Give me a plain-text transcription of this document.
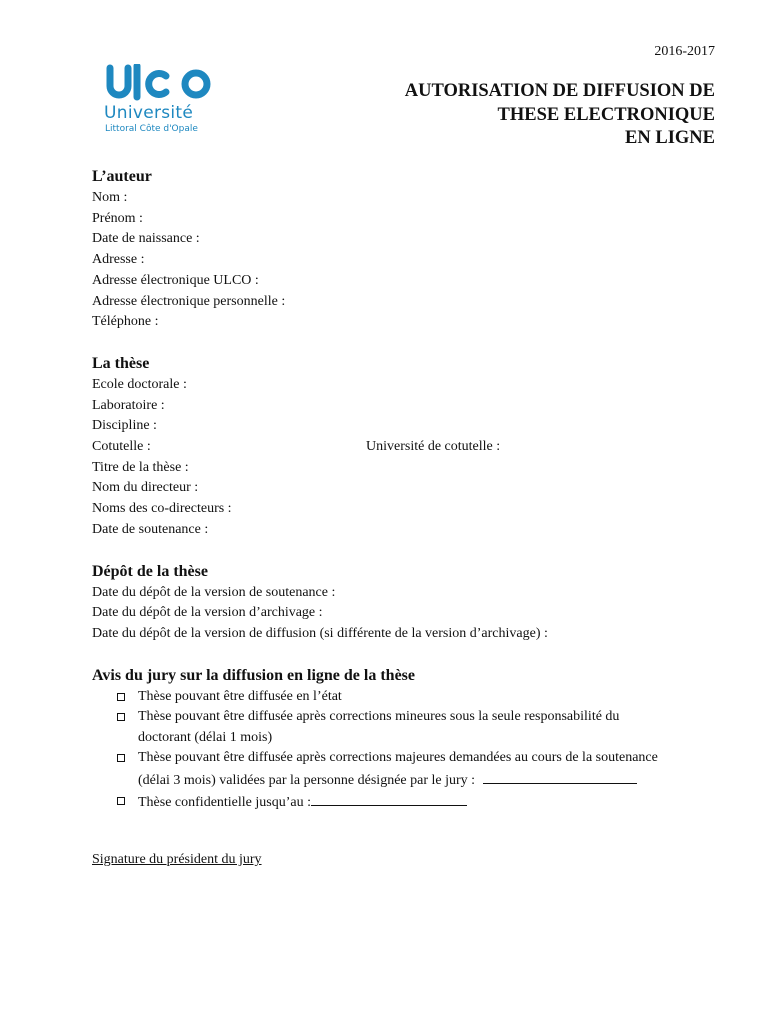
2016-2017
Université
Littoral Côte d'Opale
AUTORISATION DE DIFFUSION DE
THESE ELECTRONIQUE
EN LIGNE
L’auteur
Nom :
Prénom :
Date de naissance :
Adresse :
Adresse électronique ULCO :
Adresse électronique personnelle :
Téléphone :
La thèse
Ecole doctorale :
Laboratoire :
Discipline :
Cotutelle :	Université de cotutelle :
Titre de la thèse :
Nom du directeur :
Noms des co-directeurs :
Date de soutenance :
Dépôt de la thèse
Date du dépôt de la version de soutenance :
Date du dépôt de la version d’archivage :
Date du dépôt de la version de diffusion (si différente de la version d’archivage) :
Avis du jury sur la diffusion en ligne de la thèse
Thèse pouvant être diffusée en l’état
Thèse pouvant être diffusée après corrections mineures sous la seule responsabilité du
doctorant (délai 1 mois)
Thèse pouvant être diffusée après corrections majeures demandées au cours de la soutenance
(délai 3 mois) validées par la personne désignée par le jury :
Thèse confidentielle jusqu’au :
Signature du président du jury
